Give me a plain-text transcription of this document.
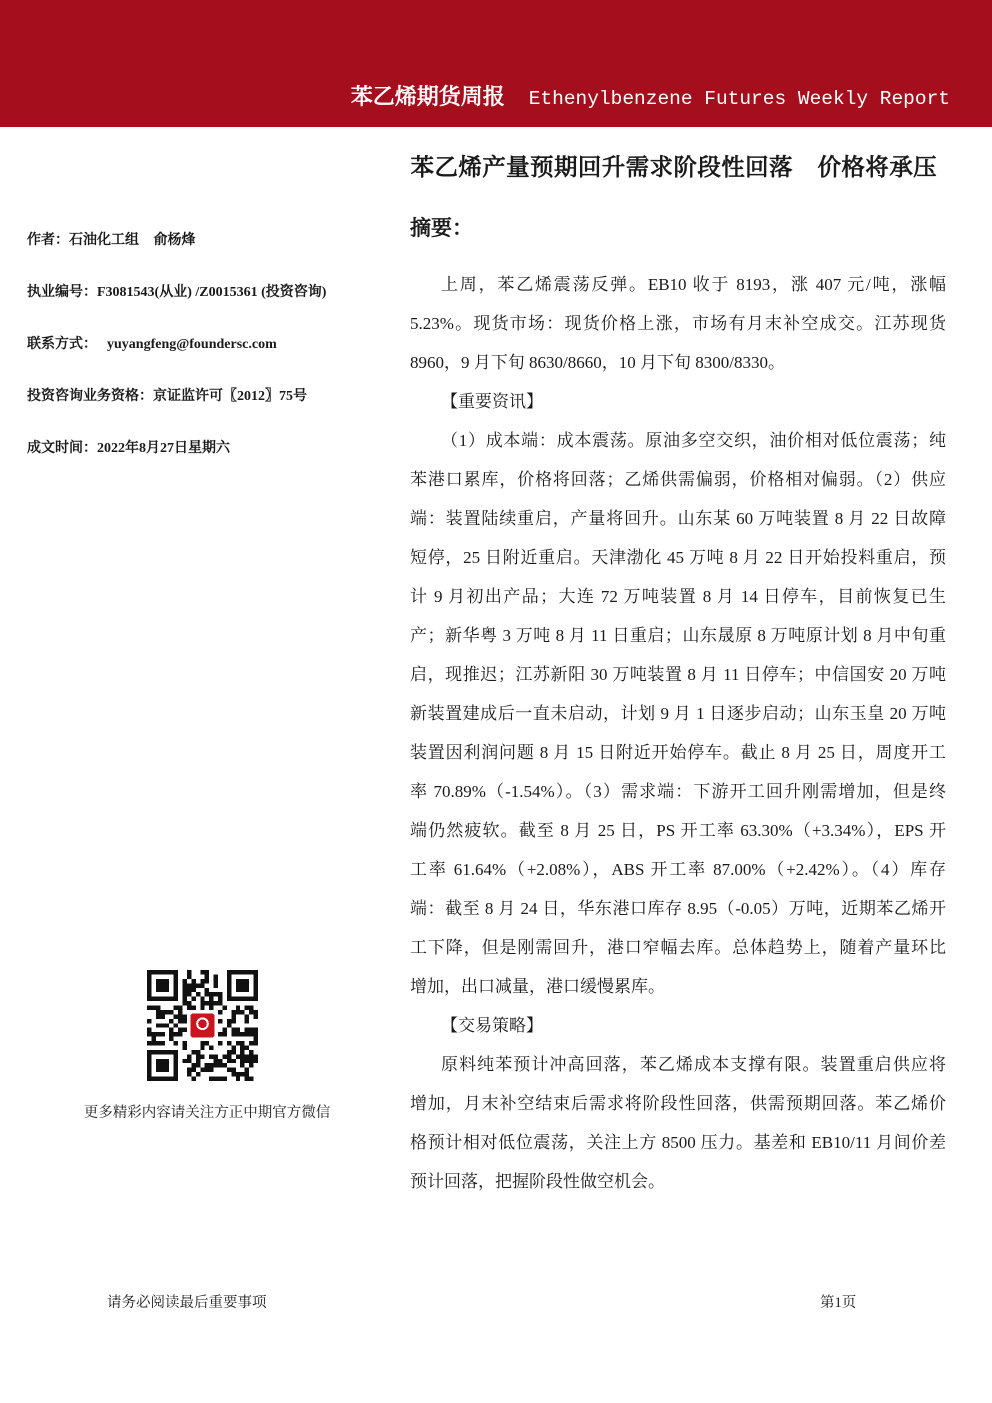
苯乙烯期货周报 Ethenylbenzene Futures Weekly Report
苯乙烯产量预期回升需求阶段性回落  价格将承压
作者：石油化工组 俞杨烽
执业编号：F3081543(从业) /Z0015361 (投资咨询)
联系方式： yuyangfeng@foundersc.com
投资咨询业务资格：京证监许可〖2012〗75号
成文时间：2022年8月27日星期六
摘要：
上周，苯乙烯震荡反弹。EB10 收于 8193，涨 407 元/吨，涨幅
5.23%。现货市场：现货价格上涨，市场有月末补空成交。江苏现货
8960，9 月下旬 8630/8660，10 月下旬 8300/8330。
【重要资讯】
（1）成本端：成本震荡。原油多空交织，油价相对低位震荡；纯
苯港口累库，价格将回落；乙烯供需偏弱，价格相对偏弱。（2）供应
端：装置陆续重启，产量将回升。山东某 60 万吨装置 8 月 22 日故障
短停，25 日附近重启。天津渤化 45 万吨 8 月 22 日开始投料重启，预
计 9 月初出产品；大连 72 万吨装置 8 月 14 日停车，目前恢复已生
产；新华粤 3 万吨 8 月 11 日重启；山东晟原 8 万吨原计划 8 月中旬重
启，现推迟；江苏新阳 30 万吨装置 8 月 11 日停车；中信国安 20 万吨
新装置建成后一直未启动，计划 9 月 1 日逐步启动；山东玉皇 20 万吨
装置因利润问题 8 月 15 日附近开始停车。截止 8 月 25 日，周度开工
率 70.89%（-1.54%）。（3）需求端：下游开工回升刚需增加，但是终
端仍然疲软。截至 8 月 25 日，PS 开工率 63.30%（+3.34%），EPS 开
工率 61.64%（+2.08%），ABS 开工率 87.00%（+2.42%）。（4）库存
端：截至 8 月 24 日，华东港口库存 8.95（-0.05）万吨，近期苯乙烯开
工下降，但是刚需回升，港口窄幅去库。总体趋势上，随着产量环比
增加，出口减量，港口缓慢累库。
【交易策略】
原料纯苯预计冲高回落，苯乙烯成本支撑有限。装置重启供应将
增加，月末补空结束后需求将阶段性回落，供需预期回落。苯乙烯价
格预计相对低位震荡，关注上方 8500 压力。基差和 EB10/11 月间价差
预计回落，把握阶段性做空机会。
更多精彩内容请关注方正中期官方微信
请务必阅读最后重要事项	第1页
